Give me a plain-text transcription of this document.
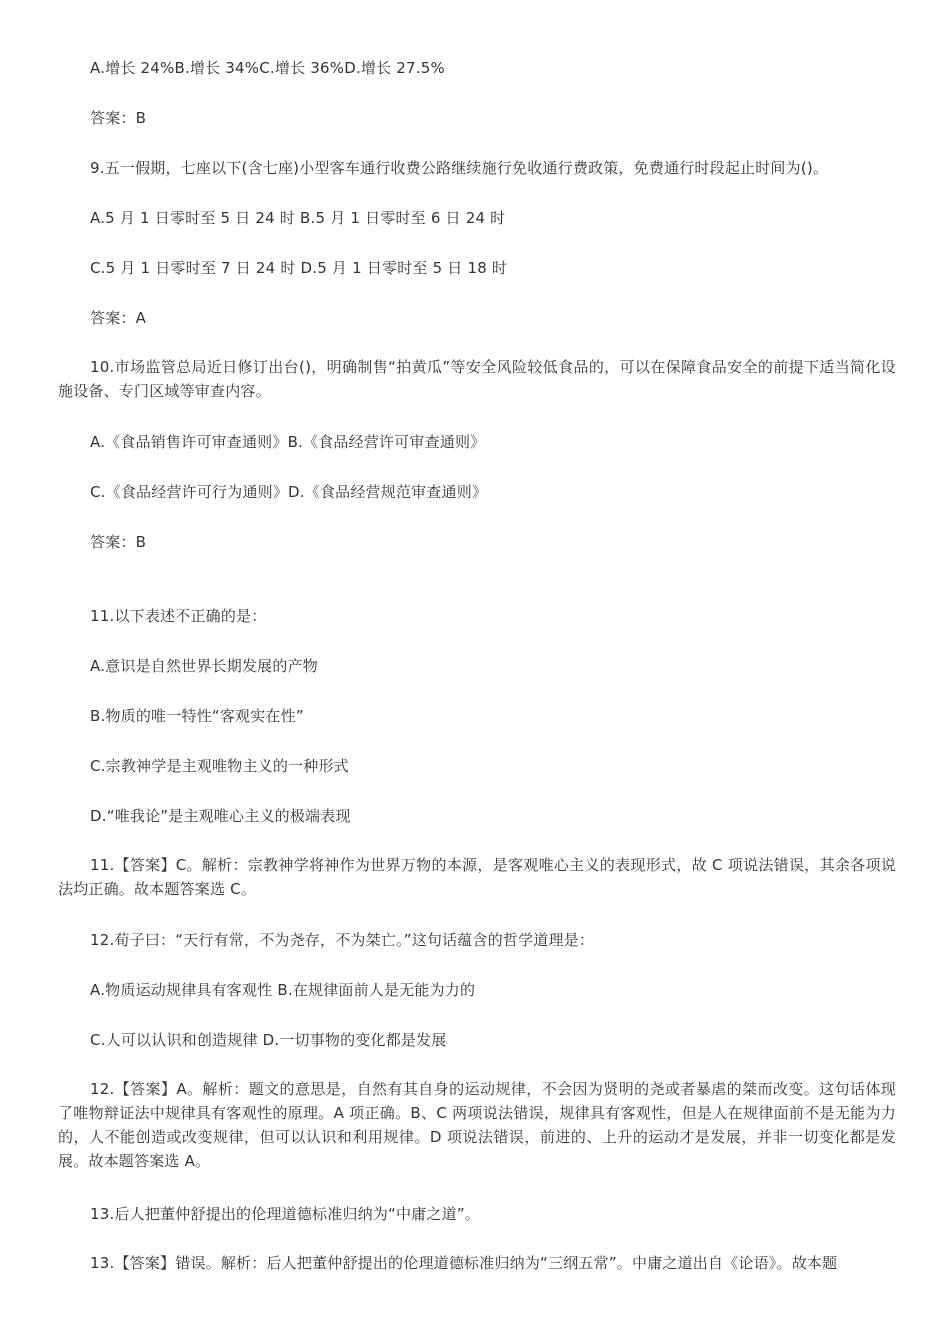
A.增长 24%B.增长 34%C.增长 36%D.增长 27.5%
答案：B
9.五一假期，七座以下(含七座)小型客车通行收费公路继续施行免收通行费政策，免费通行时段起止时间为()。
A.5 月 1 日零时至 5 日 24 时 B.5 月 1 日零时至 6 日 24 时
C.5 月 1 日零时至 7 日 24 时 D.5 月 1 日零时至 5 日 18 时
答案：A
10.市场监管总局近日修订出台()，明确制售“拍黄瓜”等安全风险较低食品的，可以在保障食品安全的前提下适当简化设施设备、专门区域等审查内容。
A.《食品销售许可审查通则》B.《食品经营许可审查通则》
C.《食品经营许可行为通则》D.《食品经营规范审查通则》
答案：B
11.以下表述不正确的是：
A.意识是自然世界长期发展的产物
B.物质的唯一特性“客观实在性”
C.宗教神学是主观唯物主义的一种形式
D.“唯我论”是主观唯心主义的极端表现
11.【答案】C。解析：宗教神学将神作为世界万物的本源，是客观唯心主义的表现形式，故 C 项说法错误，其余各项说法均正确。故本题答案选 C。
12.荀子曰：“天行有常，不为尧存，不为桀亡。”这句话蕴含的哲学道理是：
A.物质运动规律具有客观性 B.在规律面前人是无能为力的
C.人可以认识和创造规律 D.一切事物的变化都是发展
12.【答案】A。解析：题文的意思是，自然有其自身的运动规律，不会因为贤明的尧或者暴虐的桀而改变。这句话体现了唯物辩证法中规律具有客观性的原理。A 项正确。B、C 两项说法错误，规律具有客观性，但是人在规律面前不是无能为力的，人不能创造或改变规律，但可以认识和利用规律。D 项说法错误，前进的、上升的运动才是发展，并非一切变化都是发展。故本题答案选 A。
13.后人把董仲舒提出的伦理道德标准归纳为“中庸之道”。
13.【答案】错误。解析：后人把董仲舒提出的伦理道德标准归纳为“三纲五常”。中庸之道出自《论语》。故本题
